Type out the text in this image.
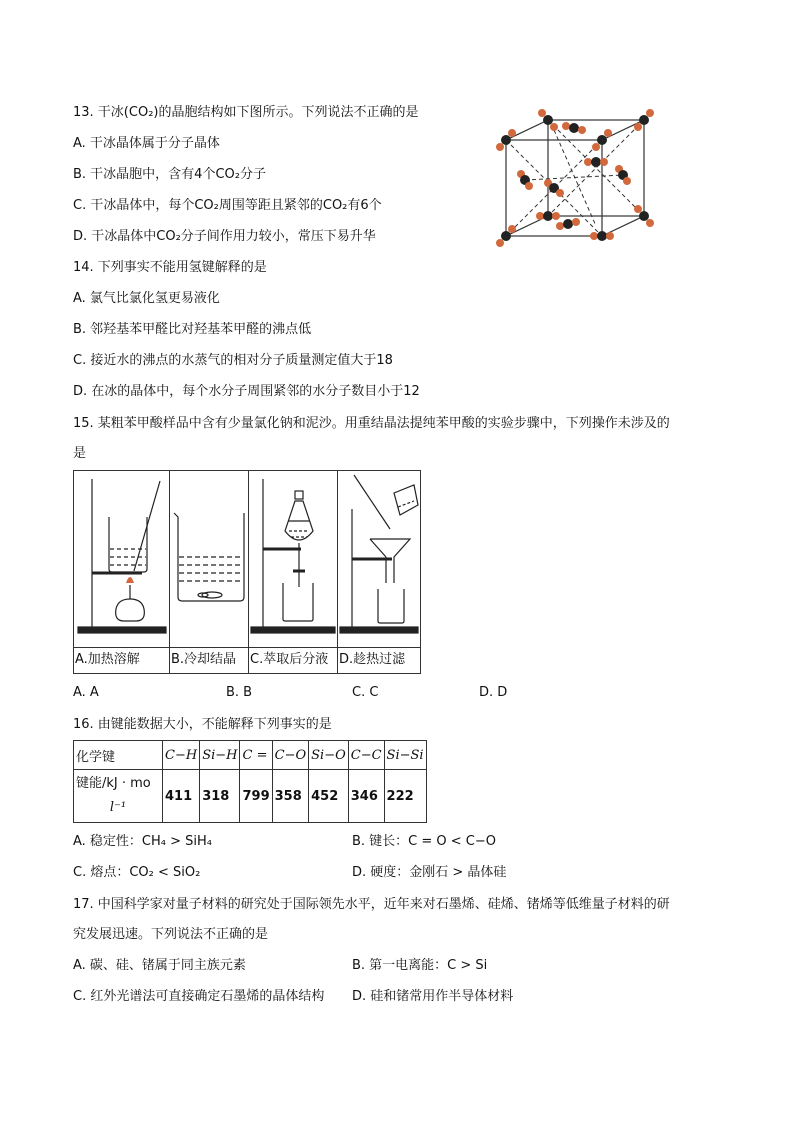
13. 干冰(CO₂)的晶胞结构如下图所示。下列说法不正确的是
A. 干冰晶体属于分子晶体
B. 干冰晶胞中，含有4个CO₂分子
C. 干冰晶体中，每个CO₂周围等距且紧邻的CO₂有6个
D. 干冰晶体中CO₂分子间作用力较小，常压下易升华
14. 下列事实不能用氢键解释的是
A. 氯气比氯化氢更易液化
B. 邻羟基苯甲醛比对羟基苯甲醛的沸点低
C. 接近水的沸点的水蒸气的相对分子质量测定值大于18
D. 在冰的晶体中，每个水分子周围紧邻的水分子数目小于12
15. 某粗苯甲酸样品中含有少量氯化钠和泥沙。用重结晶法提纯苯甲酸的实验步骤中，下列操作未涉及的
是

A.加热溶解	B.冷却结晶	C.萃取后分液	D.趁热过滤
A. A	B. B	C. C	D. D
16. 由键能数据大小，不能解释下列事实的是
化学键	C−H	Si−H	C =	C−O	Si−O	C−C	Si−Si

键能/kJ · mo
l⁻¹	411	318	799	358	452	346	222
A. 稳定性：CH₄ > SiH₄	B. 键长：C = O < C−O
C. 熔点：CO₂ < SiO₂	D. 硬度：金刚石 > 晶体硅
17. 中国科学家对量子材料的研究处于国际领先水平，近年来对石墨烯、硅烯、锗烯等低维量子材料的研
究发展迅速。下列说法不正确的是
A. 碳、硅、锗属于同主族元素	B. 第一电离能：C > Si
C. 红外光谱法可直接确定石墨烯的晶体结构 D. 硅和锗常用作半导体材料
